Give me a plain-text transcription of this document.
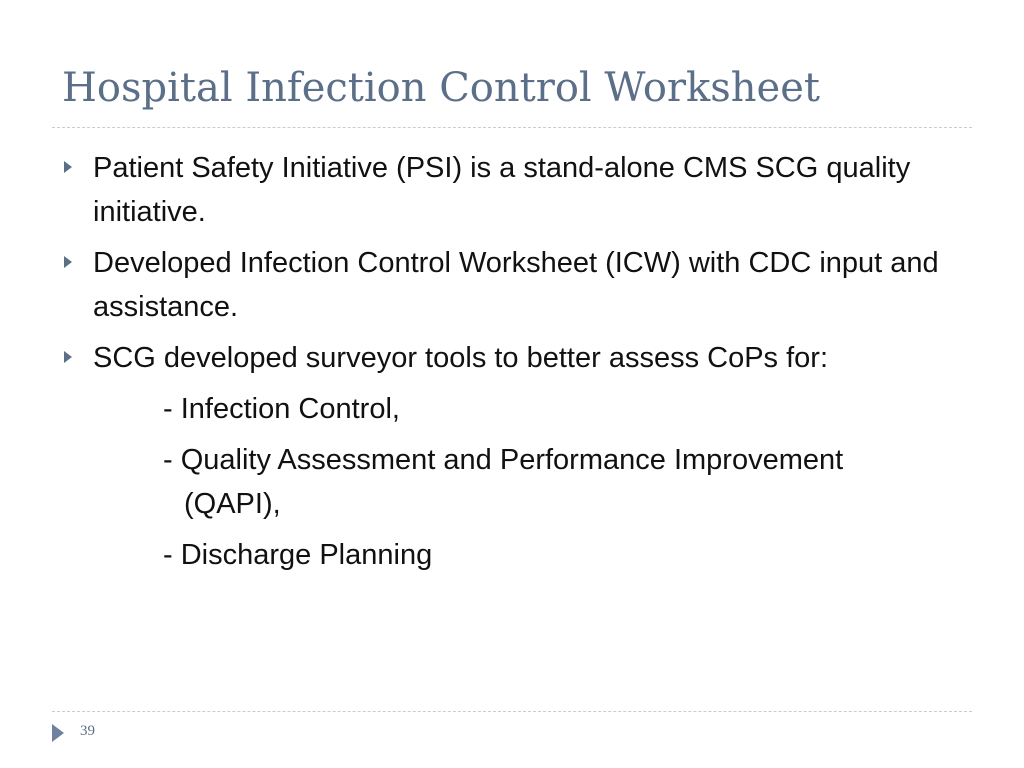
Hospital Infection Control Worksheet
Patient Safety Initiative (PSI) is a stand-alone CMS SCG quality initiative.
Developed Infection Control Worksheet (ICW) with CDC input and assistance.
SCG developed surveyor tools to better assess CoPs for:
- Infection Control,
- Quality Assessment and Performance Improvement (QAPI),
- Discharge Planning
39
